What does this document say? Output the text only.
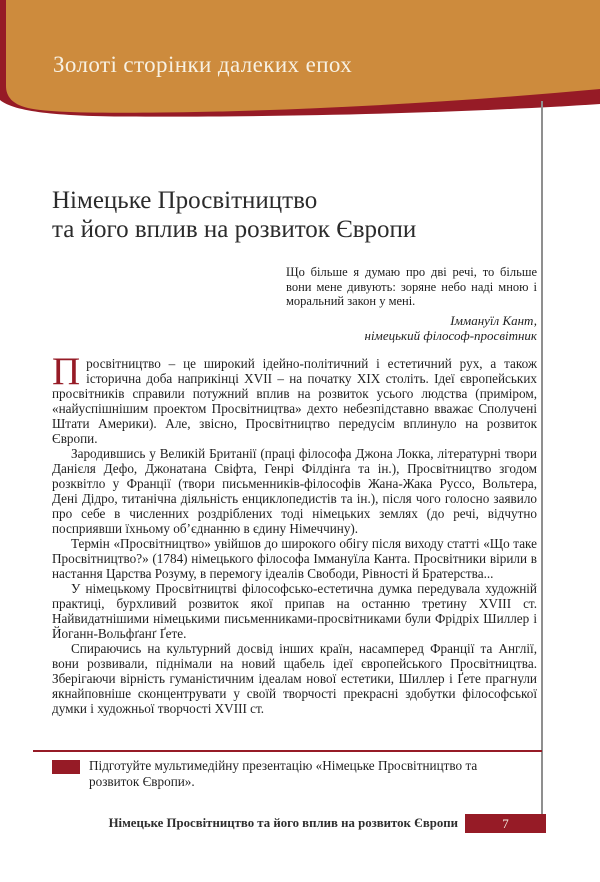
Золоті сторінки далеких епох
Німецьке Просвітництво
та його вплив на розвиток Європи
Що більше я думаю про дві речі, то більше вони мене дивують: зоряне небо наді мною і моральний закон у мені.
Іммануїл Кант,
німецький філософ-просвітник

Просвітництво – це широкий ідейно-політичний і естетичний рух, а також історична доба наприкінці XVII – на початку XIX століть. Ідеї європейських просвітників справили потужний вплив на розвиток усього людства (приміром, «найуспішнішим проектом Просвітництва» дехто небезпідставно вважає Сполучені Штати Америки). Але, звісно, Просвітництво передусім вплинуло на розвиток Європи.

Зародившись у Великій Британії (праці філософа Джона Локка, літературні твори Данієля Дефо, Джонатана Свіфта, Генрі Філдінґа та ін.), Просвітництво згодом розквітло у Франції (твори письменників-філософів Жана-Жака Руссо, Вольтера, Дені Дідро, титанічна діяльність енциклопедистів та ін.), після чого голосно заявило про себе в численних роздріблених тоді німецьких землях (до речі, відчутно посприявши їхньому об’єднанню в єдину Німеччину).

Термін «Просвітництво» увійшов до широкого обігу після виходу статті «Що таке Просвітництво?» (1784) німецького філософа Іммануїла Канта. Просвітники вірили в настання Царства Розуму, в перемогу ідеалів Свободи, Рівності й Братерства...

У німецькому Просвітництві філософсько-естетична думка передувала художній практиці, бурхливий розвиток якої припав на останню третину XVIII ст. Найвидатнішими німецькими письменниками-просвітниками були Фрідріх Шиллер і Йоганн-Вольфґанґ Ґете.

Спираючись на культурний досвід інших країн, насамперед Франції та Англії, вони розвивали, піднімали на новий щабель ідеї європейського Просвітництва. Зберігаючи вірність гуманістичним ідеалам нової естетики, Шиллер і Ґете прагнули якнайповніше сконцентрувати у своїй творчості прекрасні здобутки філософської думки і художньої творчості XVIII ст.

Підготуйте мультимедійну презентацію «Німецьке Просвітництво та розвиток Європи».
Німецьке Просвітництво та його вплив на розвиток Європи	7
